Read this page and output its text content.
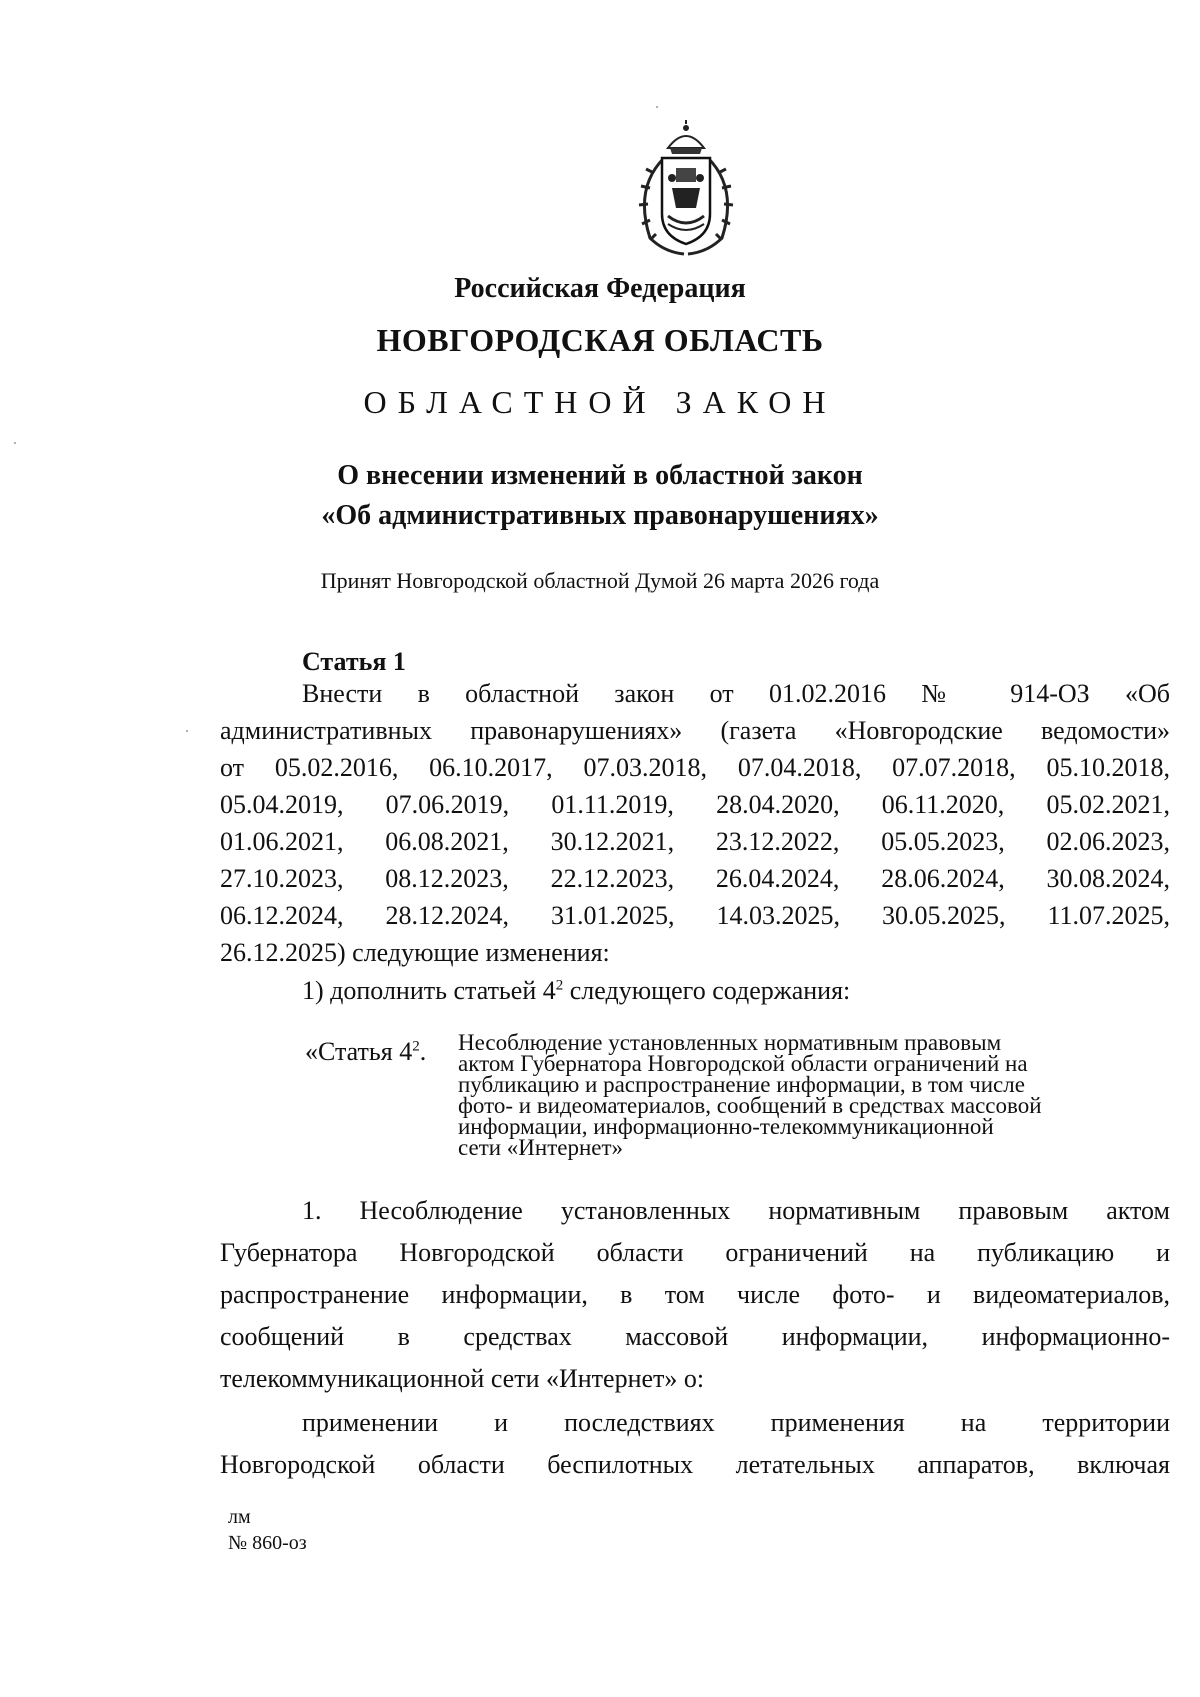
Российская Федерация
НОВГОРОДСКАЯ ОБЛАСТЬ
ОБЛАСТНОЙ ЗАКОН
О внесении изменений в областной закон
«Об административных правонарушениях»
Принят Новгородской областной Думой 26 марта 2026 года
Статья 1
Внести в областной закон от 01.02.2016 № 914-ОЗ «Об
административных правонарушениях» (газета «Новгородские ведомости»
от 05.02.2016, 06.10.2017, 07.03.2018, 07.04.2018, 07.07.2018, 05.10.2018,
05.04.2019, 07.06.2019, 01.11.2019, 28.04.2020, 06.11.2020, 05.02.2021,
01.06.2021, 06.08.2021, 30.12.2021, 23.12.2022, 05.05.2023, 02.06.2023,
27.10.2023, 08.12.2023, 22.12.2023, 26.04.2024, 28.06.2024, 30.08.2024,
06.12.2024, 28.12.2024, 31.01.2025, 14.03.2025, 30.05.2025, 11.07.2025,
26.12.2025) следующие изменения:
1) дополнить статьей $4^2$ следующего содержания:
«Статья $4^2$. Несоблюдение установленных нормативным правовым
актом Губернатора Новгородской области ограничений на
публикацию и распространение информации, в том числе
фото- и видеоматериалов, сообщений в средствах массовой
информации, информационно-телекоммуникационной
сети «Интернет»
1. Несоблюдение установленных нормативным правовым актом
Губернатора Новгородской области ограничений на публикацию и
распространение информации, в том числе фото- и видеоматериалов,
сообщений в средствах массовой информации, информационно-
телекоммуникационной сети «Интернет» о:
применении и последствиях применения на территории
Новгородской области беспилотных летательных аппаратов, включая
лм
№ 860-оз
